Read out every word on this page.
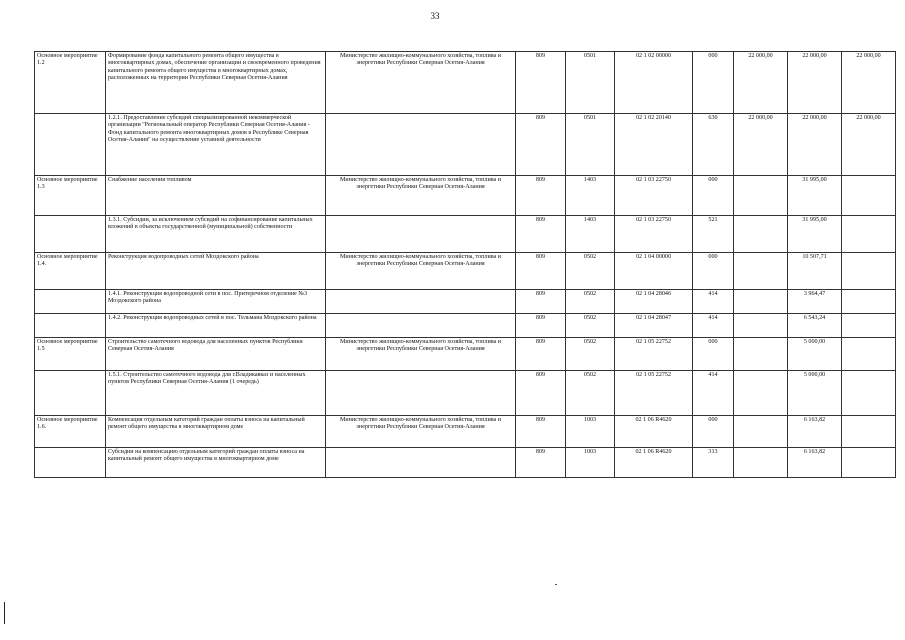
33
Основное мероприятие 1.2	Формирование фонда капитального ремонта общего имущества в многоквартирных домах, обеспечение организации и своевременного проведения капитального ремонта общего имущества в многоквартирных домах, расположенных на территории Республики Северная Осетия-Алания	Министерство жилищно-коммунального хозяйства, топлива и энергетики Республики Северная Осетия-Алания	809	0501	02 1 02 00000	000	22 000,00	22 000,00	22 000,00
	1.2.1. Предоставление субсидий специализированной некоммерческой организации "Региональный оператор Республики Северная Осетия-Алания - Фонд капитального ремонта многоквартирных домов в Республике Северная Осетия-Алания" на осуществление уставной деятельности		809	0501	02 1 02 20140	630	22 000,00	22 000,00	22 000,00
Основное мероприятие 1.3	Снабжение населения топливом	Министерство жилищно-коммунального хозяйства, топлива и энергетики Республики Северная Осетия-Алания	809	1403	02 1 03 22750	000		31 995,00	
	1.3.1. Субсидии, за исключением субсидий на софинансирование капитальных вложений в объекты государственной (муниципальной) собственности		809	1403	02 1 03 22750	521		31 995,00	
Основное мероприятие 1.4.	Реконструкция водопроводных сетей Моздокского района	Министерство жилищно-коммунального хозяйства, топлива и энергетики Республики Северная Осетия-Алания	809	0502	02 1 04 00000	000		10 507,71	
	1.4.1. Реконструкция водопроводной сети в пос. Притеречном отделение №3 Моздокского района		809	0502	02 1 04 28046	414		3 964,47	
	1.4.2. Реконструкция водопроводных сетей в пос. Тельмана Моздокского района		809	0502	02 1 04 28047	414		6 543,24	
Основное мероприятие 1.5	Строительство самотечного водовода для населенных пунктов Республики Северная Осетия-Алания	Министерство жилищно-коммунального хозяйства, топлива и энергетики Республики Северная Осетия-Алания	809	0502	02 1 05 22752	000		5 000,00	
	1.5.1. Строительство самотечного водовода для г.Владикавказ и населенных пунктов Республики Северная Осетия-Алания (1 очередь)		809	0502	02 1 05 22752	414		5 000,00	
Основное мероприятие 1.6.	Компенсация отдельным категорий граждан оплаты взноса на капитальный ремонт общего имущества в многоквартирном доме	Министерство жилищно-коммунального хозяйства, топлива и энергетики Республики Северная Осетия-Алания	809	1003	02 1 06 R4620	000		6 163,82	
	Субсидии на компенсацию отдельным категорий граждан оплаты взноса на капитальный ремонт общего имущества в многоквартирном доме		809	1003	02 1 06 R4620	313		6 163,82	
